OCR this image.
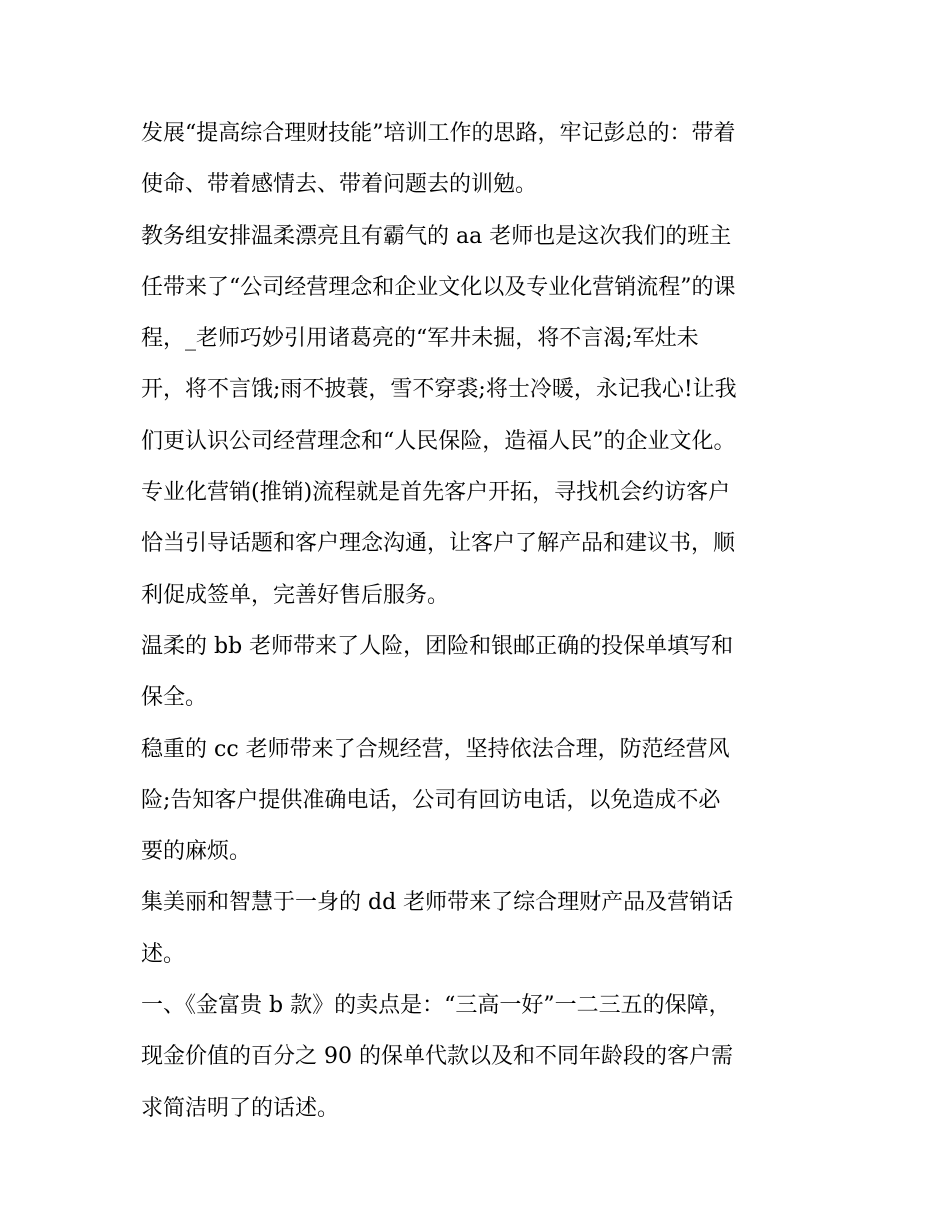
发展“提高综合理财技能”培训工作的思路，牢记彭总的：带着
使命、带着感情去、带着问题去的训勉。
教务组安排温柔漂亮且有霸气的 aa 老师也是这次我们的班主
任带来了“公司经营理念和企业文化以及专业化营销流程”的课
程，_老师巧妙引用诸葛亮的“军井未掘，将不言渴;军灶未
开，将不言饿;雨不披蓑，雪不穿裘;将士冷暖，永记我心!让我
们更认识公司经营理念和“人民保险，造福人民”的企业文化。
专业化营销(推销)流程就是首先客户开拓，寻找机会约访客户
恰当引导话题和客户理念沟通，让客户了解产品和建议书，顺
利促成签单，完善好售后服务。
温柔的 bb 老师带来了人险，团险和银邮正确的投保单填写和
保全。
稳重的 cc 老师带来了合规经营，坚持依法合理，防范经营风
险;告知客户提供准确电话，公司有回访电话，以免造成不必
要的麻烦。
集美丽和智慧于一身的 dd 老师带来了综合理财产品及营销话
述。
一、《金富贵 b 款》的卖点是：“三高一好”一二三五的保障，
现金价值的百分之 90 的保单代款以及和不同年龄段的客户需
求简洁明了的话述。
